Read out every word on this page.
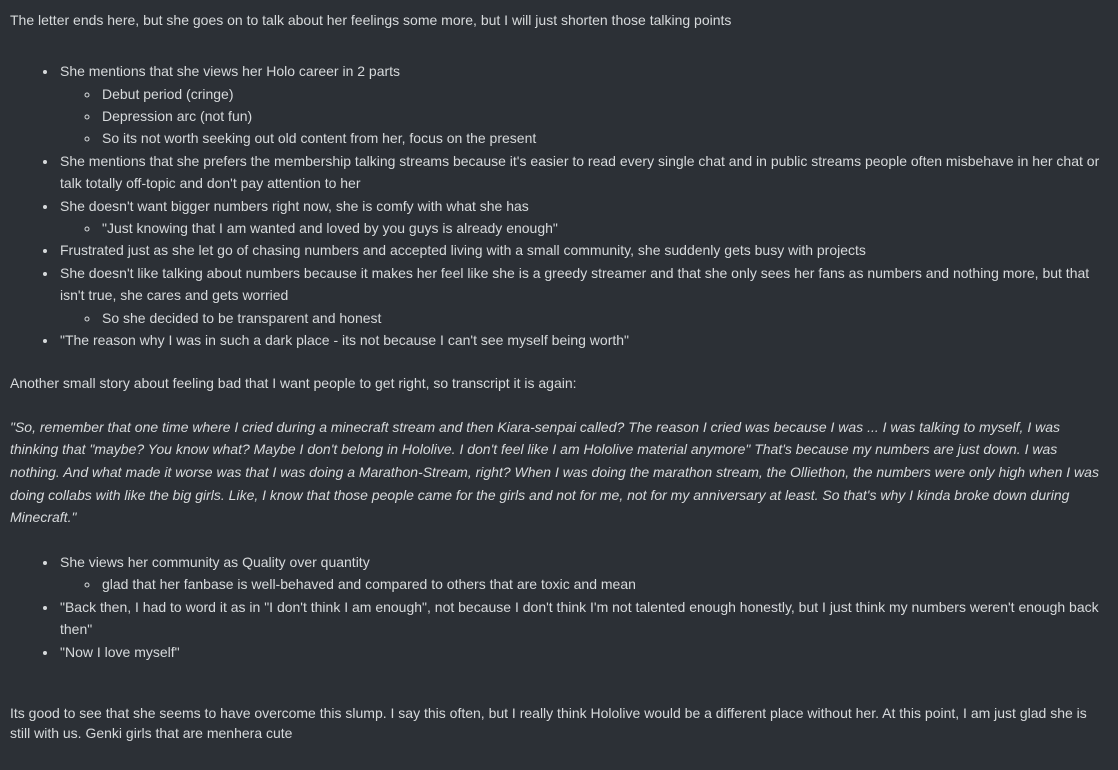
The letter ends here, but she goes on to talk about her feelings some more, but I will just shorten those talking points

• She mentions that she views her Holo career in 2 parts
◦ Debut period (cringe)
◦ Depression arc (not fun)
◦ So its not worth seeking out old content from her, focus on the present
• She mentions that she prefers the membership talking streams because it's easier to read every single chat and in public streams people often misbehave in her chat or talk totally off-topic and don't pay attention to her
• She doesn't want bigger numbers right now, she is comfy with what she has
◦ "Just knowing that I am wanted and loved by you guys is already enough"
• Frustrated just as she let go of chasing numbers and accepted living with a small community, she suddenly gets busy with projects
• She doesn't like talking about numbers because it makes her feel like she is a greedy streamer and that she only sees her fans as numbers and nothing more, but that isn't true, she cares and gets worried
◦ So she decided to be transparent and honest
• "The reason why I was in such a dark place - its not because I can't see myself being worth"

Another small story about feeling bad that I want people to get right, so transcript it is again:

"So, remember that one time where I cried during a minecraft stream and then Kiara-senpai called? The reason I cried was because I was ... I was talking to myself, I was thinking that "maybe? You know what? Maybe I don't belong in Hololive. I don't feel like I am Hololive material anymore" That's because my numbers are just down. I was nothing. And what made it worse was that I was doing a Marathon-Stream, right? When I was doing the marathon stream, the Olliethon, the numbers were only high when I was doing collabs with like the big girls. Like, I know that those people came for the girls and not for me, not for my anniversary at least. So that's why I kinda broke down during Minecraft."
• She views her community as Quality over quantity
◦ glad that her fanbase is well-behaved and compared to others that are toxic and mean
• "Back then, I had to word it as in "I don't think I am enough", not because I don't think I'm not talented enough honestly, but I just think my numbers weren't enough back then"
• "Now I love myself"

Its good to see that she seems to have overcome this slump. I say this often, but I really think Hololive would be a different place without her. At this point, I am just glad she is still with us. Genki girls that are menhera cute
